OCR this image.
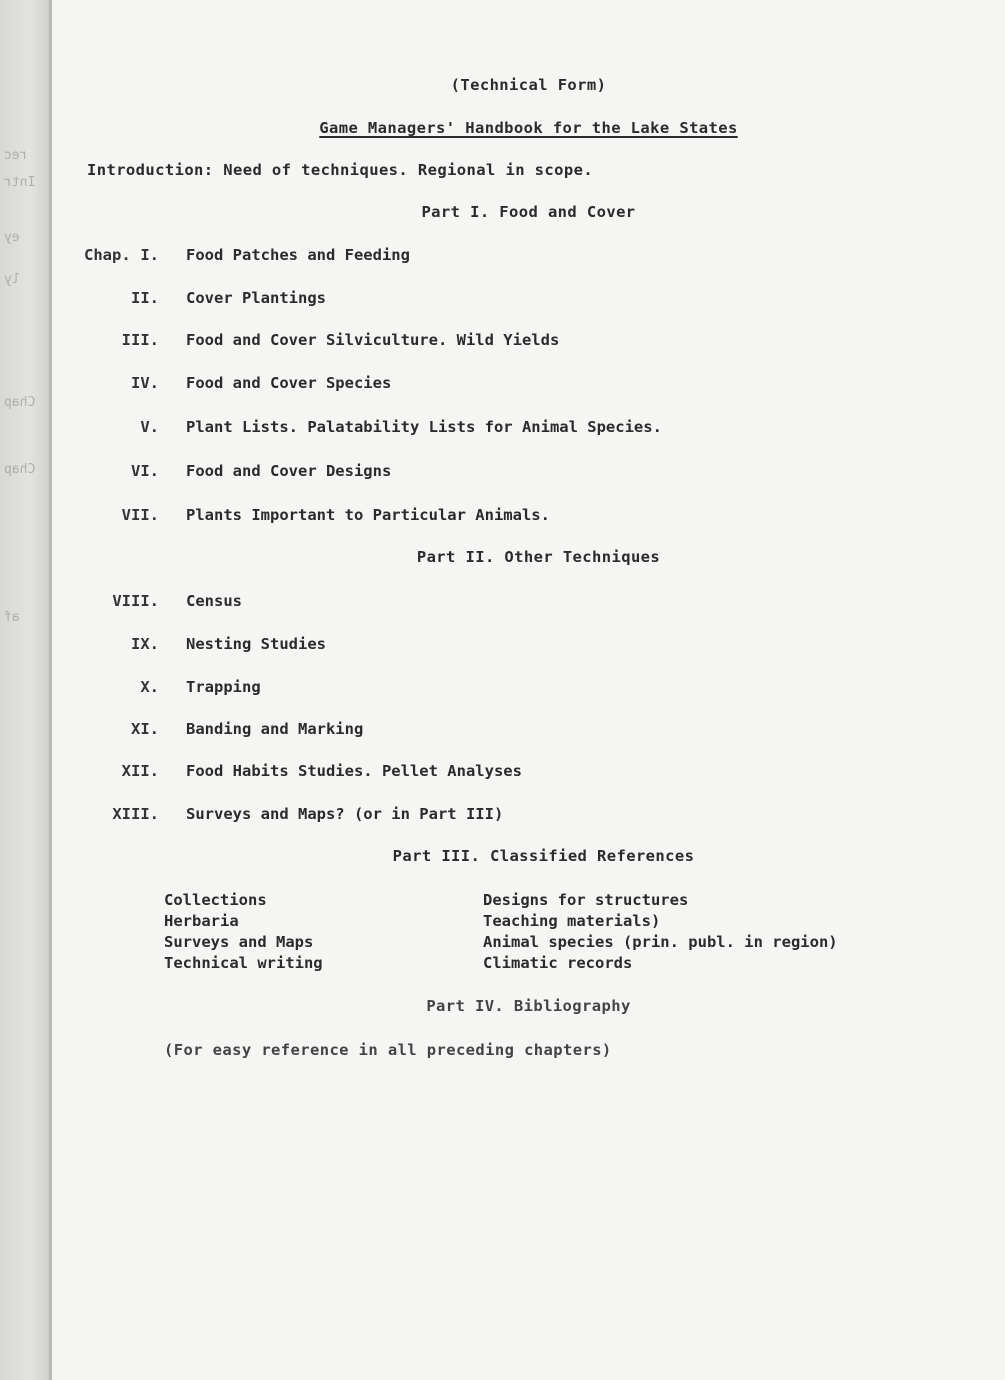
rec
Intr
ey
ly
Chap
Chap
af
(Technical Form)
Game Managers' Handbook for the Lake States
Introduction: Need of techniques. Regional in scope.
Part I. Food and Cover
Chap. I. Food Patches and Feeding
II. Cover Plantings
III. Food and Cover Silviculture. Wild Yields
IV. Food and Cover Species
V. Plant Lists. Palatability Lists for Animal Species.
VI. Food and Cover Designs
VII. Plants Important to Particular Animals.
Part II. Other Techniques
VIII. Census
IX. Nesting Studies
X. Trapping
XI. Banding and Marking
XII. Food Habits Studies. Pellet Analyses
XIII. Surveys and Maps? (or in Part III)
Part III. Classified References
Collections
Herbaria
Surveys and Maps
Technical writing
Designs for structures
Teaching materials)
Animal species (prin. publ. in region)
Climatic records
Part IV. Bibliography
(For easy reference in all preceding chapters)
